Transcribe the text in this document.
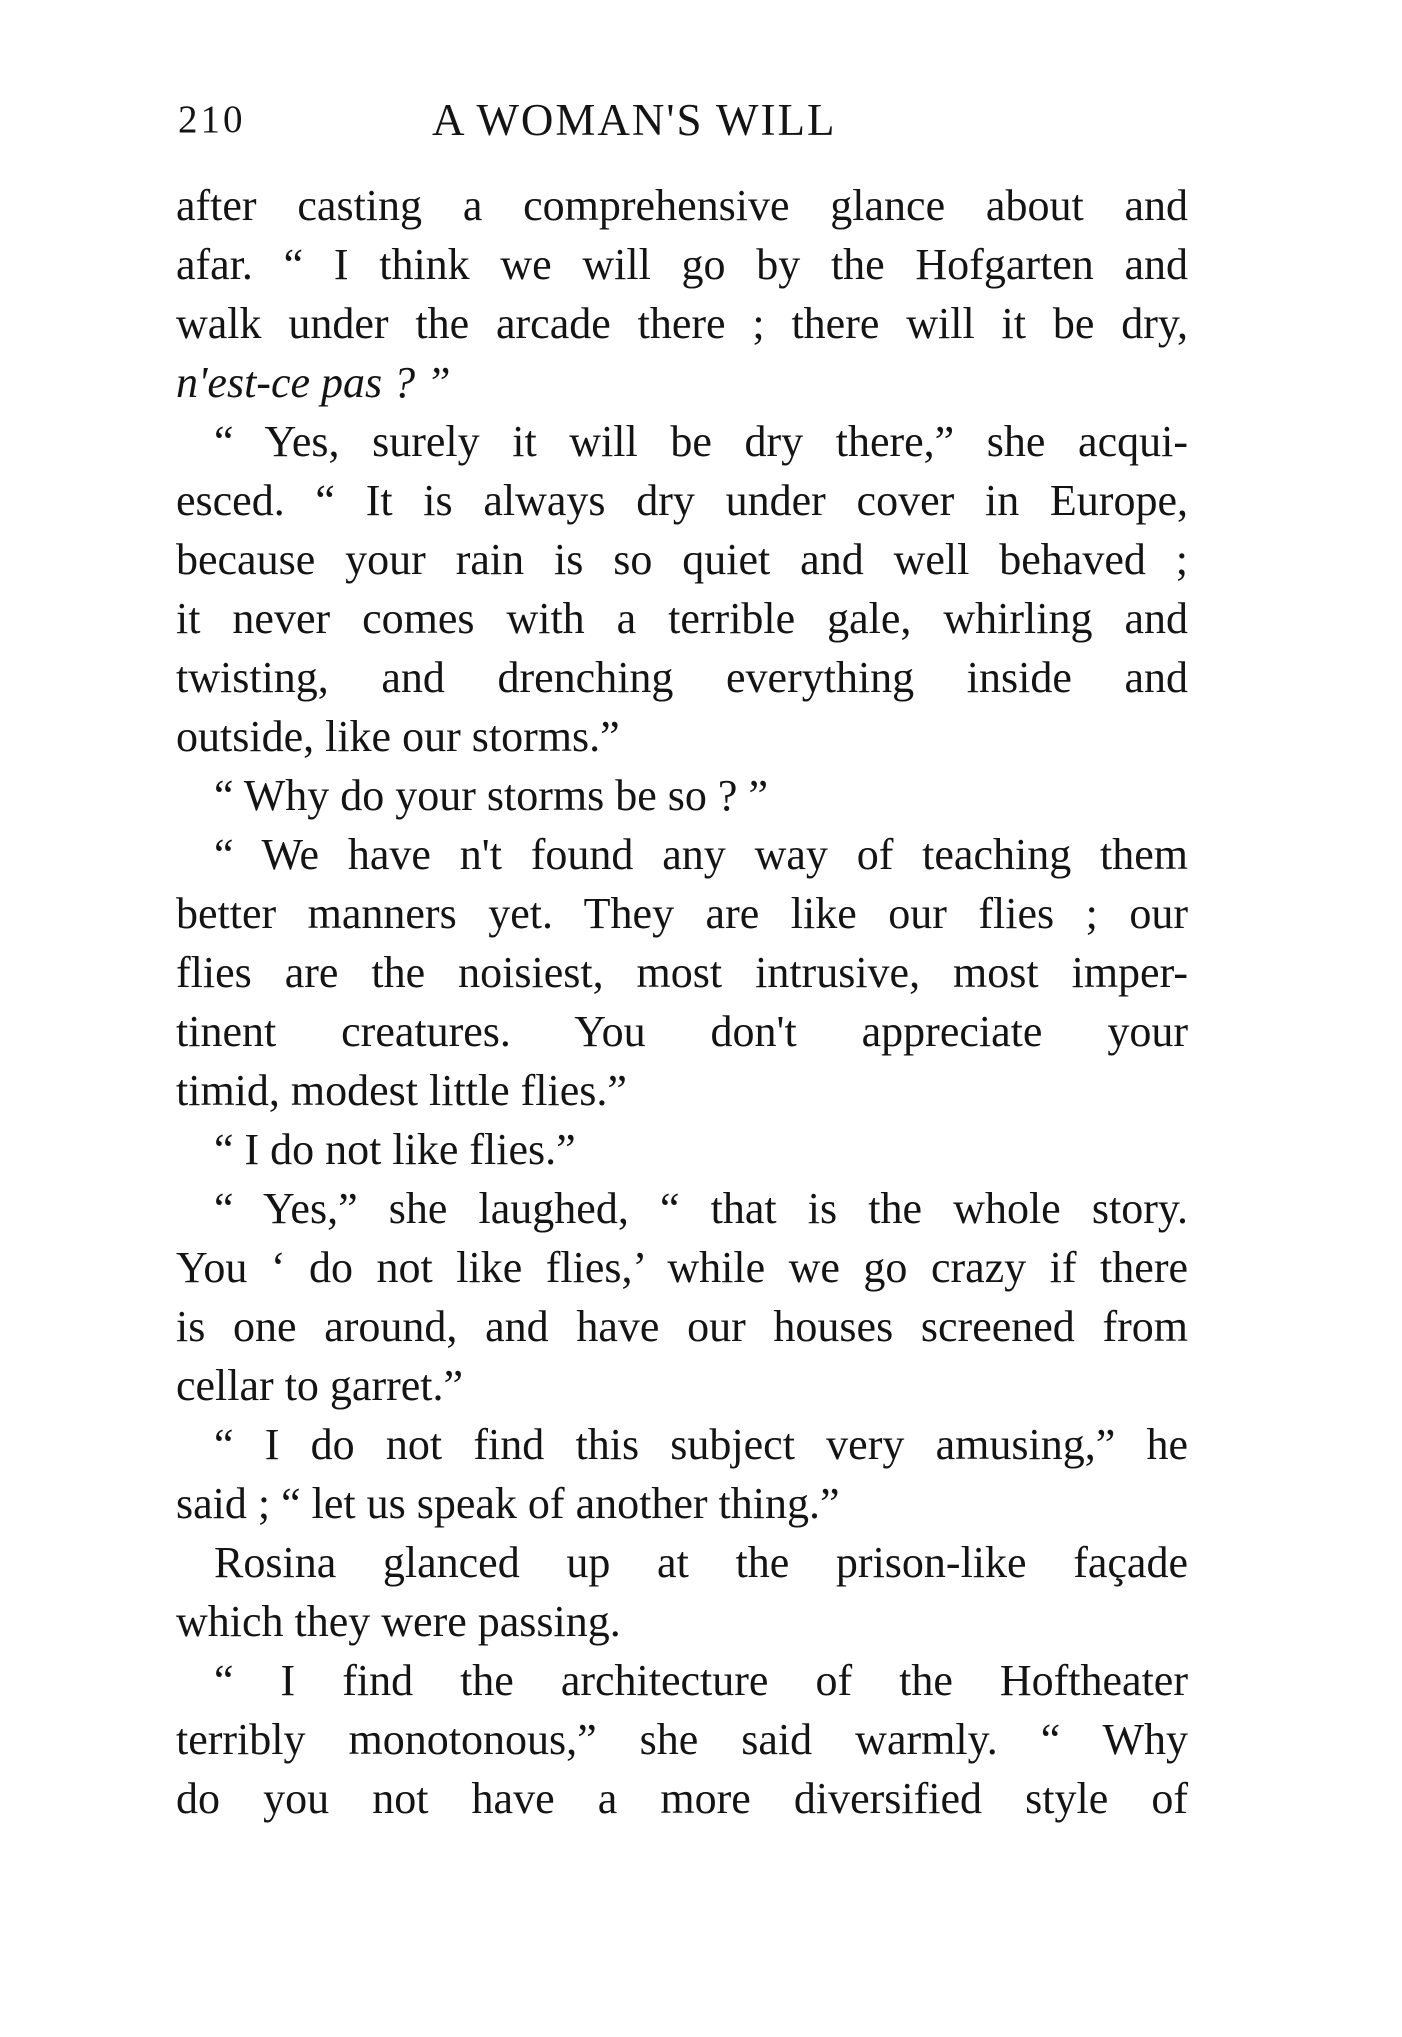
210	A WOMAN'S WILL
after casting a comprehensive glance about and
afar. “ I think we will go by the Hofgarten and
walk under the arcade there ; there will it be dry,
n'est-ce pas ? ”
“ Yes, surely it will be dry there,” she acqui-
esced. “ It is always dry under cover in Europe,
because your rain is so quiet and well behaved ;
it never comes with a terrible gale, whirling and
twisting, and drenching everything inside and
outside, like our storms.”
“ Why do your storms be so ? ”
“ We have n't found any way of teaching them
better manners yet. They are like our flies ; our
flies are the noisiest, most intrusive, most imper-
tinent creatures. You don't appreciate your
timid, modest little flies.”
“ I do not like flies.”
“ Yes,” she laughed, “ that is the whole story.
You ‘ do not like flies,’ while we go crazy if there
is one around, and have our houses screened from
cellar to garret.”
“ I do not find this subject very amusing,” he
said ; “ let us speak of another thing.”
Rosina glanced up at the prison-like façade
which they were passing.
“ I find the architecture of the Hoftheater
terribly monotonous,” she said warmly. “ Why
do you not have a more diversified style of
